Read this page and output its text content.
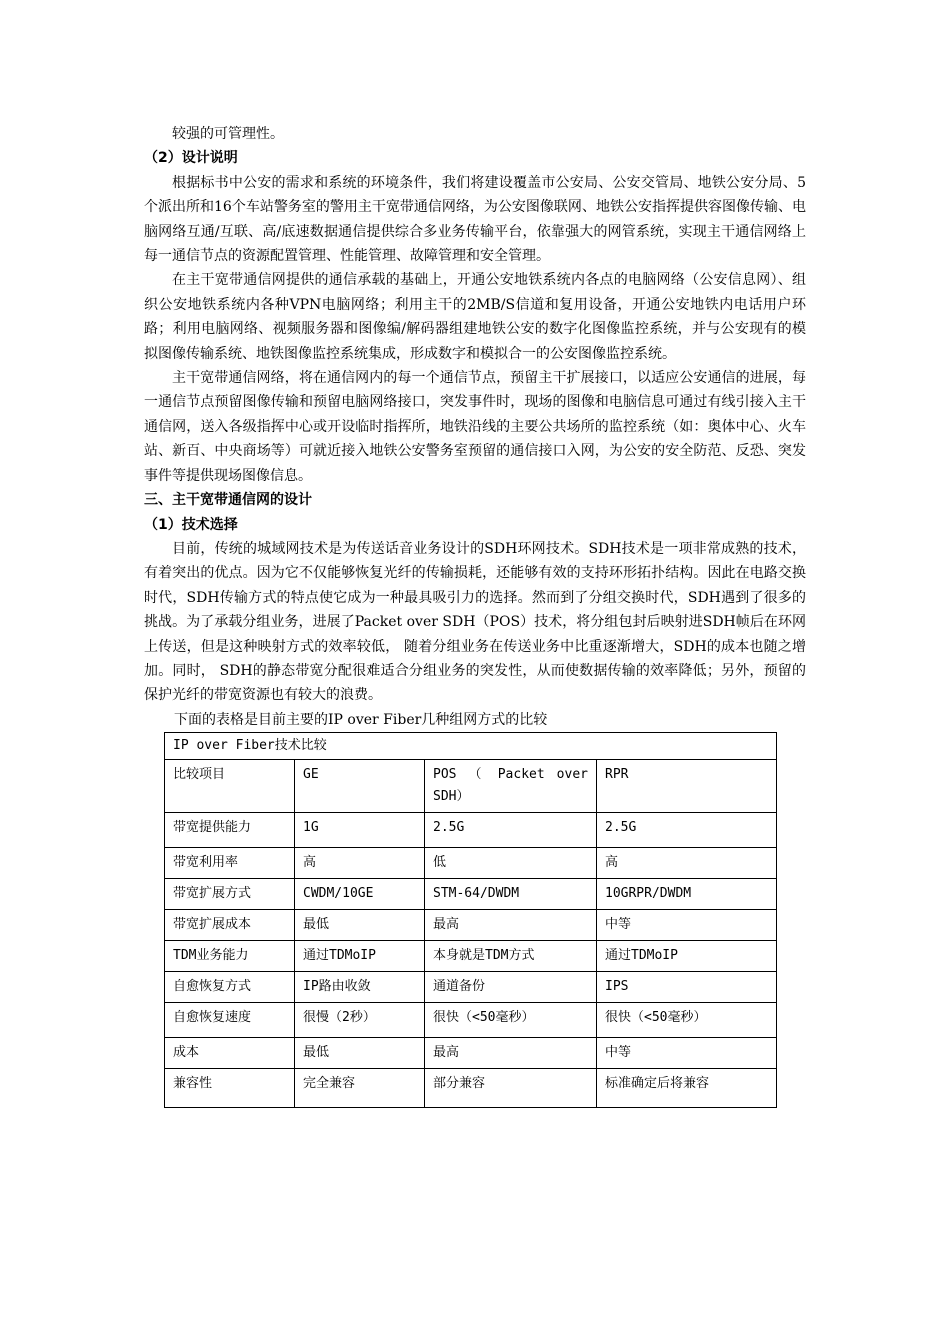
较强的可管理性。

（2）设计说明

根据标书中公安的需求和系统的环境条件，我们将建设覆盖市公安局、公安交管局、地铁公安分局、5个派出所和16个车站警务室的警用主干宽带通信网络，为公安图像联网、地铁公安指挥提供容图像传输、电脑网络互通/互联、高/底速数据通信提供综合多业务传输平台，依靠强大的网管系统，实现主干通信网络上每一通信节点的资源配置管理、性能管理、故障管理和安全管理。

在主干宽带通信网提供的通信承载的基础上，开通公安地铁系统内各点的电脑网络（公安信息网）、组织公安地铁系统内各种VPN电脑网络；利用主干的2MB/S信道和复用设备，开通公安地铁内电话用户环路；利用电脑网络、视频服务器和图像编/解码器组建地铁公安的数字化图像监控系统，并与公安现有的模拟图像传输系统、地铁图像监控系统集成，形成数字和模拟合一的公安图像监控系统。

主干宽带通信网络，将在通信网内的每一个通信节点，预留主干扩展接口，以适应公安通信的进展，每一通信节点预留图像传输和预留电脑网络接口，突发事件时，现场的图像和电脑信息可通过有线引接入主干通信网，送入各级指挥中心或开设临时指挥所，地铁沿线的主要公共场所的监控系统（如：奥体中心、火车站、新百、中央商场等）可就近接入地铁公安警务室预留的通信接口入网，为公安的安全防范、反恐、突发事件等提供现场图像信息。

三、主干宽带通信网的设计

（1）技术选择

目前，传统的城域网技术是为传送话音业务设计的SDH环网技术。SDH技术是一项非常成熟的技术，有着突出的优点。因为它不仅能够恢复光纤的传输损耗，还能够有效的支持环形拓扑结构。因此在电路交换时代，SDH传输方式的特点使它成为一种最具吸引力的选择。然而到了分组交换时代，SDH遇到了很多的挑战。为了承载分组业务，进展了Packet over SDH（POS）技术，将分组包封后映射进SDH帧后在环网上传送，但是这种映射方式的效率较低， 随着分组业务在传送业务中比重逐渐增大，SDH的成本也随之增加。同时， SDH的静态带宽分配很难适合分组业务的突发性，从而使数据传输的效率降低；另外，预留的保护光纤的带宽资源也有较大的浪费。

下面的表格是目前主要的IP over Fiber几种组网方式的比较
IP over Fiber技术比较			
比较项目	GE	POS （ Packet over SDH）	RPR
带宽提供能力	1G	2.5G	2.5G
带宽利用率	高	低	高
带宽扩展方式	CWDM/10GE	STM-64/DWDM	10GRPR/DWDM
带宽扩展成本	最低	最高	中等
TDM业务能力	通过TDMoIP	本身就是TDM方式	通过TDMoIP
自愈恢复方式	IP路由收敛	通道备份	IPS
自愈恢复速度	很慢（2秒）	很快（<50毫秒）	很快（<50毫秒）
成本	最低	最高	中等
兼容性	完全兼容	部分兼容	标准确定后将兼容
